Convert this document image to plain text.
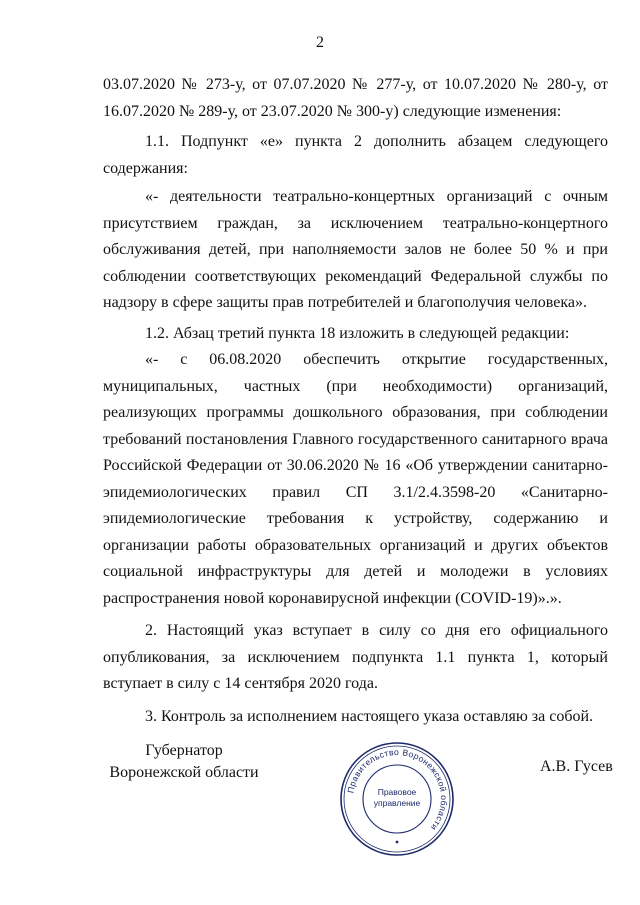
2

03.07.2020 № 273-у, от 07.07.2020 № 277-у, от 10.07.2020 № 280-у, от 16.07.2020 № 289-у, от 23.07.2020 № 300-у) следующие изменения:

1.1. Подпункт «е» пункта 2 дополнить абзацем следующего содержания:

«- деятельности театрально-концертных организаций с очным присутствием граждан, за исключением театрально-концертного обслуживания детей, при наполняемости залов не более 50 % и при соблюдении соответствующих рекомендаций Федеральной службы по надзору в сфере защиты прав потребителей и благополучия человека».

1.2. Абзац третий пункта 18 изложить в следующей редакции:

«- с 06.08.2020 обеспечить открытие государственных, муниципальных, частных (при необходимости) организаций, реализующих программы дошкольного образования, при соблюдении требований постановления Главного государственного санитарного врача Российской Федерации от 30.06.2020 № 16 «Об утверждении санитарно-эпидемиологических правил СП 3.1/2.4.3598-20 «Санитарно-эпидемиологические требования к устройству, содержанию и организации работы образовательных организаций и других объектов социальной инфраструктуры для детей и молодежи в условиях распространения новой коронавирусной инфекции (COVID-19)».».

2. Настоящий указ вступает в силу со дня его официального опубликования, за исключением подпункта 1.1 пункта 1, который вступает в силу с 14 сентября 2020 года.

3. Контроль за исполнением настоящего указа оставляю за собой.

Губернатор
Воронежской области
Правительство Воронежской области
Правовое
управление
А.В. Гусев
